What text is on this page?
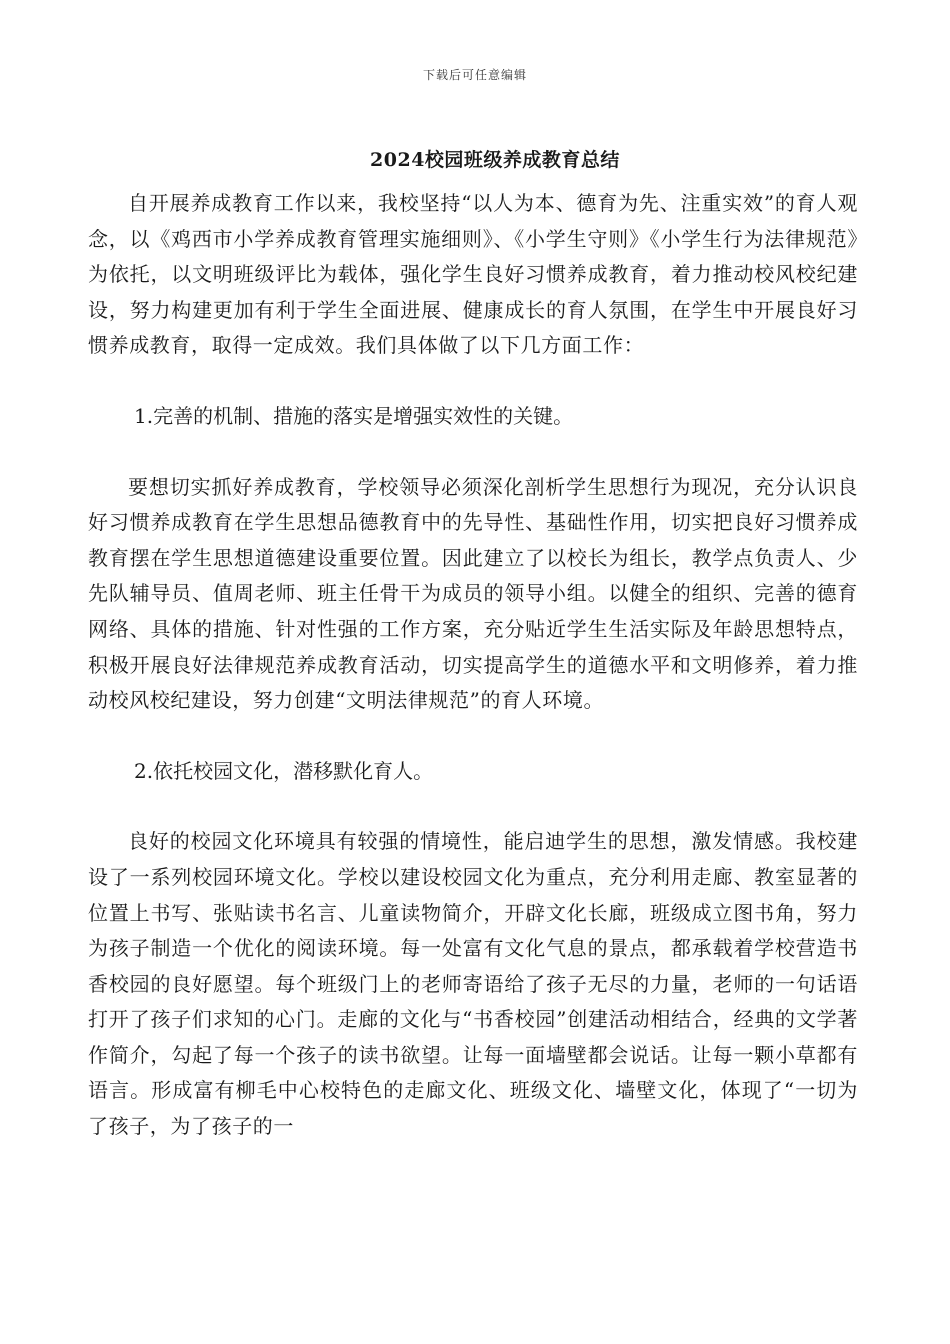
下载后可任意编辑
2024校园班级养成教育总结

自开展养成教育工作以来，我校坚持“以人为本、德育为先、注重实效”的育人观念，以《鸡西市小学养成教育管理实施细则》、《小学生守则》《小学生行为法律规范》为依托，以文明班级评比为载体，强化学生良好习惯养成教育，着力推动校风校纪建设，努力构建更加有利于学生全面进展、健康成长的育人氛围，在学生中开展良好习惯养成教育，取得一定成效。我们具体做了以下几方面工作：

1.完善的机制、措施的落实是增强实效性的关键。

要想切实抓好养成教育，学校领导必须深化剖析学生思想行为现况，充分认识良好习惯养成教育在学生思想品德教育中的先导性、基础性作用，切实把良好习惯养成教育摆在学生思想道德建设重要位置。因此建立了以校长为组长，教学点负责人、少先队辅导员、值周老师、班主任骨干为成员的领导小组。以健全的组织、完善的德育网络、具体的措施、针对性强的工作方案，充分贴近学生生活实际及年龄思想特点，积极开展良好法律规范养成教育活动，切实提高学生的道德水平和文明修养，着力推动校风校纪建设，努力创建“文明法律规范”的育人环境。

2.依托校园文化，潜移默化育人。

良好的校园文化环境具有较强的情境性，能启迪学生的思想，激发情感。我校建设了一系列校园环境文化。学校以建设校园文化为重点，充分利用走廊、教室显著的位置上书写、张贴读书名言、儿童读物简介，开辟文化长廊，班级成立图书角，努力为孩子制造一个优化的阅读环境。每一处富有文化气息的景点，都承载着学校营造书香校园的良好愿望。每个班级门上的老师寄语给了孩子无尽的力量，老师的一句话语打开了孩子们求知的心门。走廊的文化与“书香校园”创建活动相结合，经典的文学著作简介，勾起了每一个孩子的读书欲望。让每一面墙壁都会说话。让每一颗小草都有语言。形成富有柳毛中心校特色的走廊文化、班级文化、墙壁文化，体现了“一切为了孩子，为了孩子的一
